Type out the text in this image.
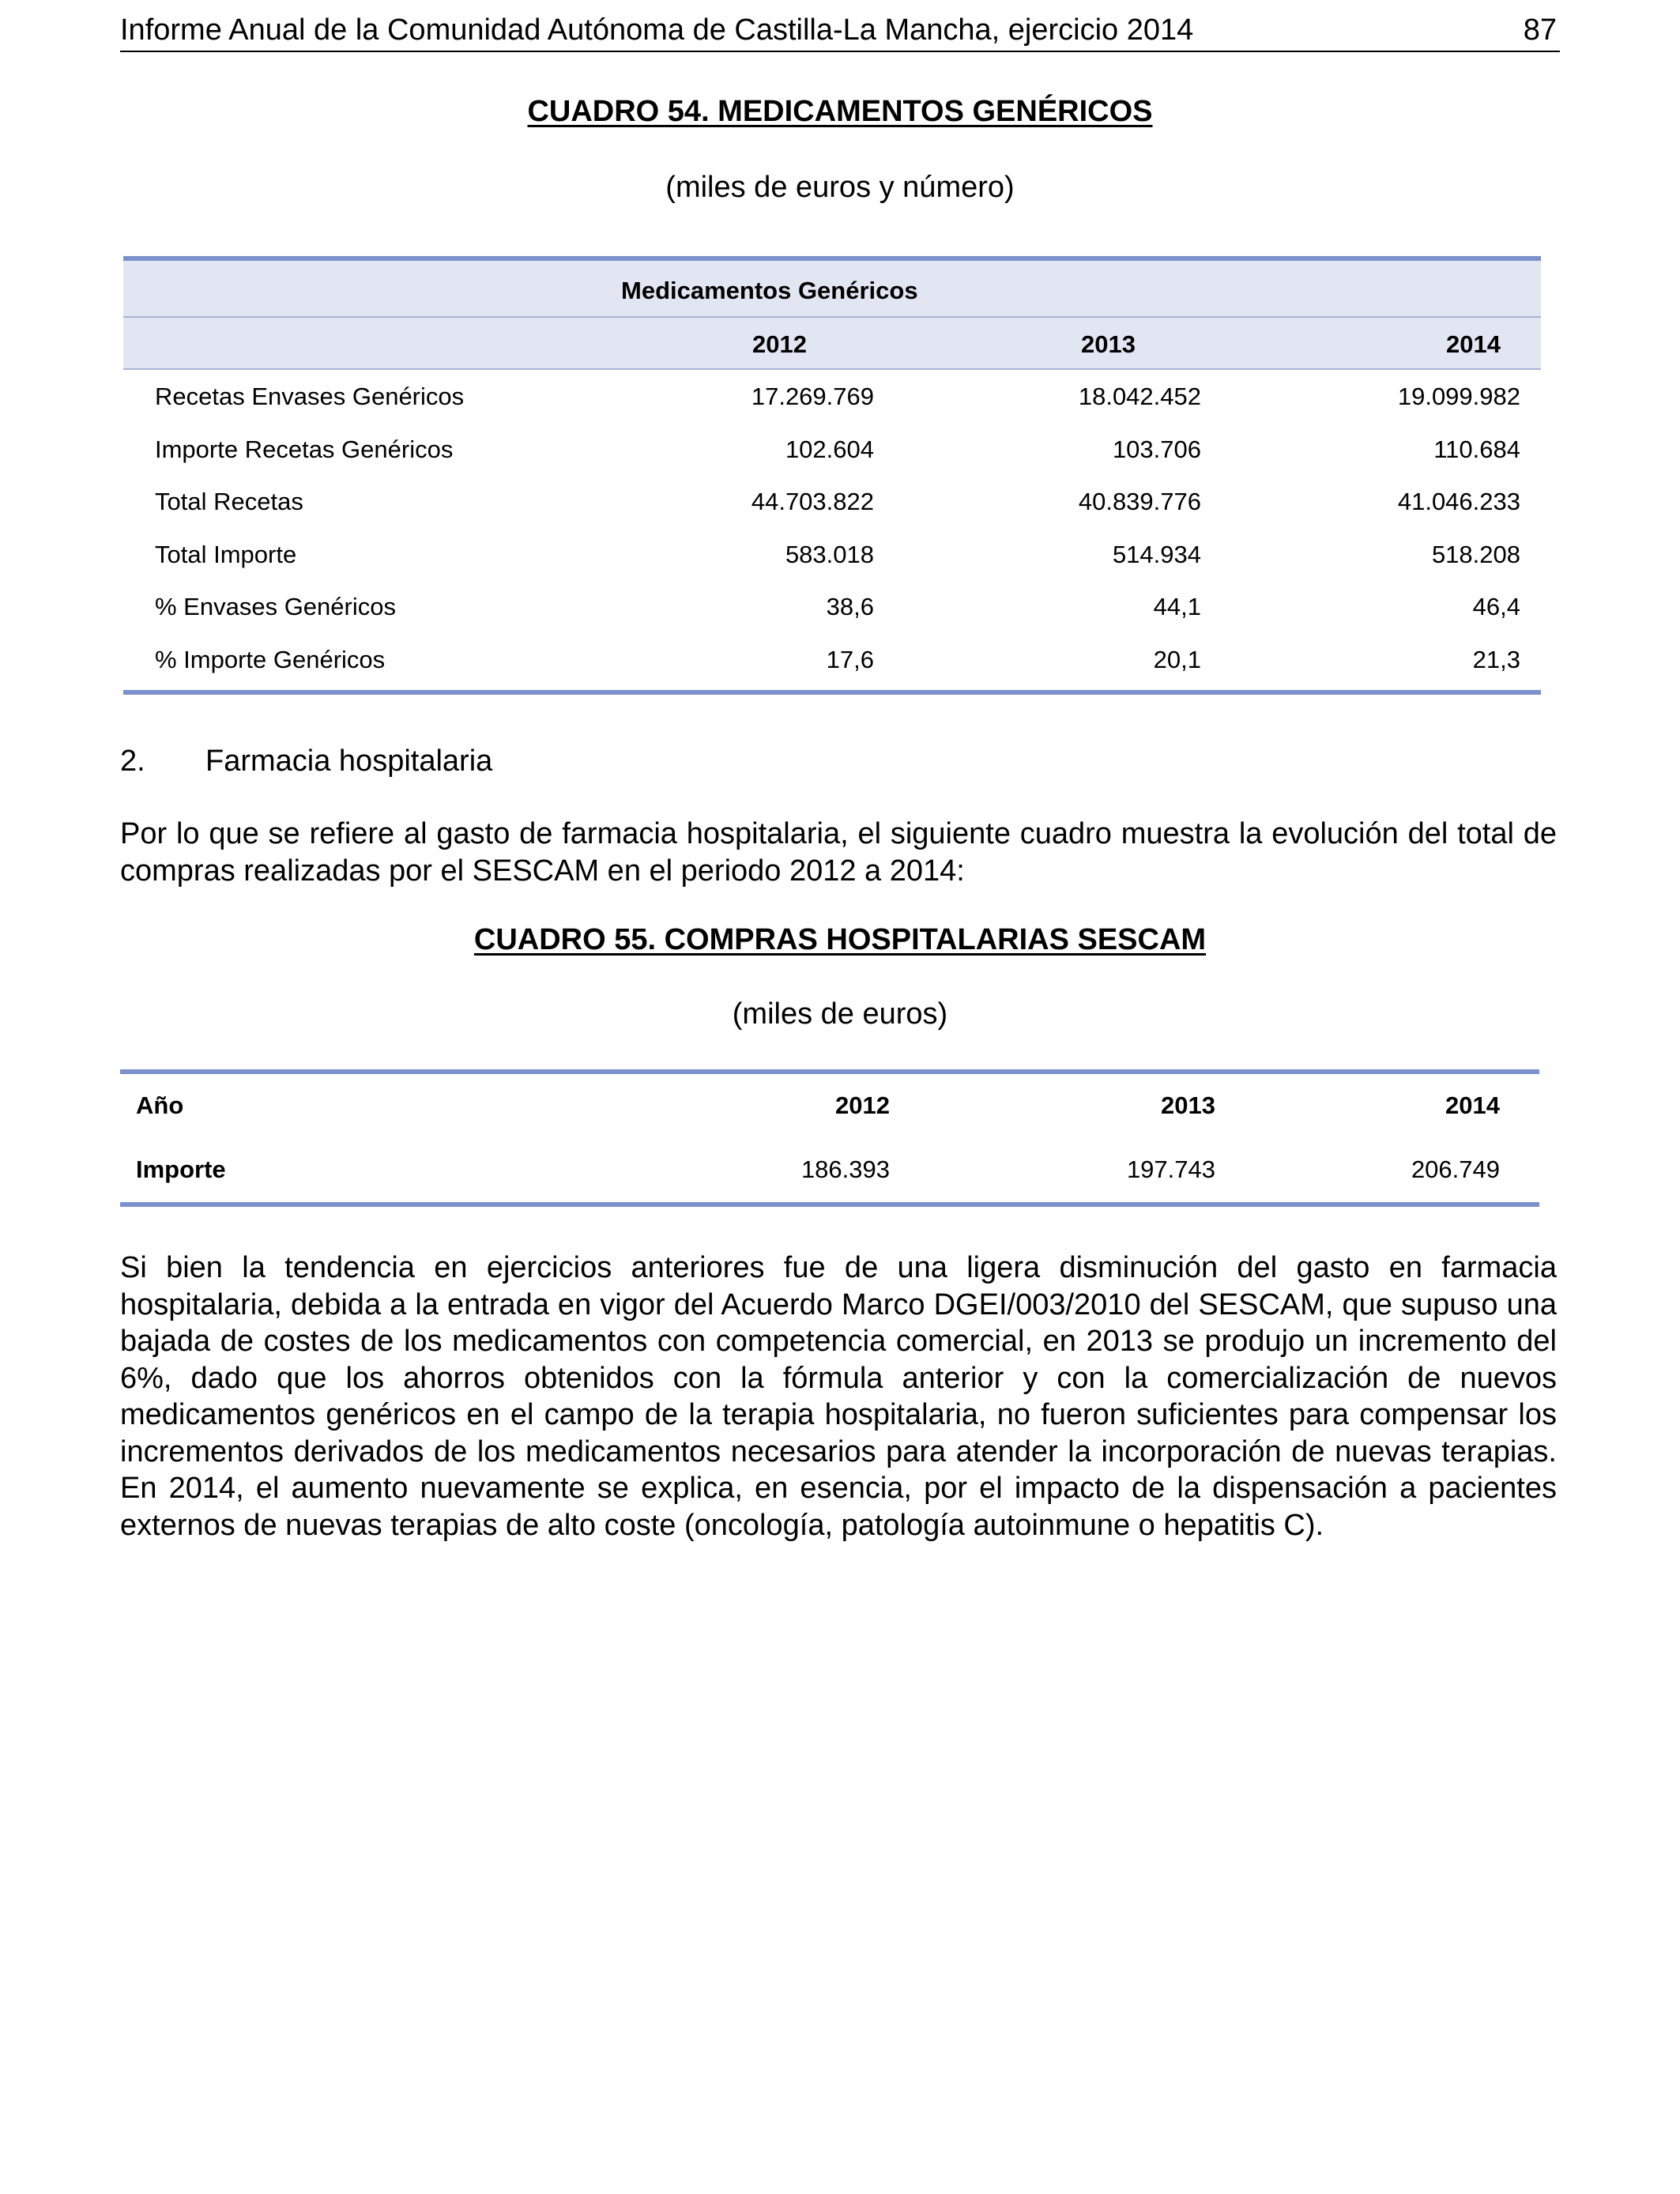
Informe Anual de la Comunidad Autónoma de Castilla-La Mancha, ejercicio 2014	87
CUADRO 54. MEDICAMENTOS GENÉRICOS
(miles de euros y número)
Medicamentos Genéricos
2012	2013	2014
Recetas Envases Genéricos	17.269.769	18.042.452	19.099.982
Importe Recetas Genéricos	102.604	103.706	110.684
Total Recetas	44.703.822	40.839.776	41.046.233
Total Importe	583.018	514.934	518.208
% Envases Genéricos	38,6	44,1	46,4
% Importe Genéricos	17,6	20,1	21,3
2. Farmacia hospitalaria
Por lo que se refiere al gasto de farmacia hospitalaria, el siguiente cuadro muestra la evolución del total de compras realizadas por el SESCAM en el periodo 2012 a 2014:
CUADRO 55. COMPRAS HOSPITALARIAS SESCAM
(miles de euros)
Año	2012	2013	2014
Importe	186.393	197.743	206.749
Si bien la tendencia en ejercicios anteriores fue de una ligera disminución del gasto en farmacia hospitalaria, debida a la entrada en vigor del Acuerdo Marco DGEI/003/2010 del SESCAM, que supuso una bajada de costes de los medicamentos con competencia comercial, en 2013 se produjo un incremento del 6%, dado que los ahorros obtenidos con la fórmula anterior y con la comercialización de nuevos medicamentos genéricos en el campo de la terapia hospitalaria, no fueron suficientes para compensar los incrementos derivados de los medicamentos necesarios para atender la incorporación de nuevas terapias. En 2014, el aumento nuevamente se explica, en esencia, por el impacto de la dispensación a pacientes externos de nuevas terapias de alto coste (oncología, patología autoinmune o hepatitis C).
